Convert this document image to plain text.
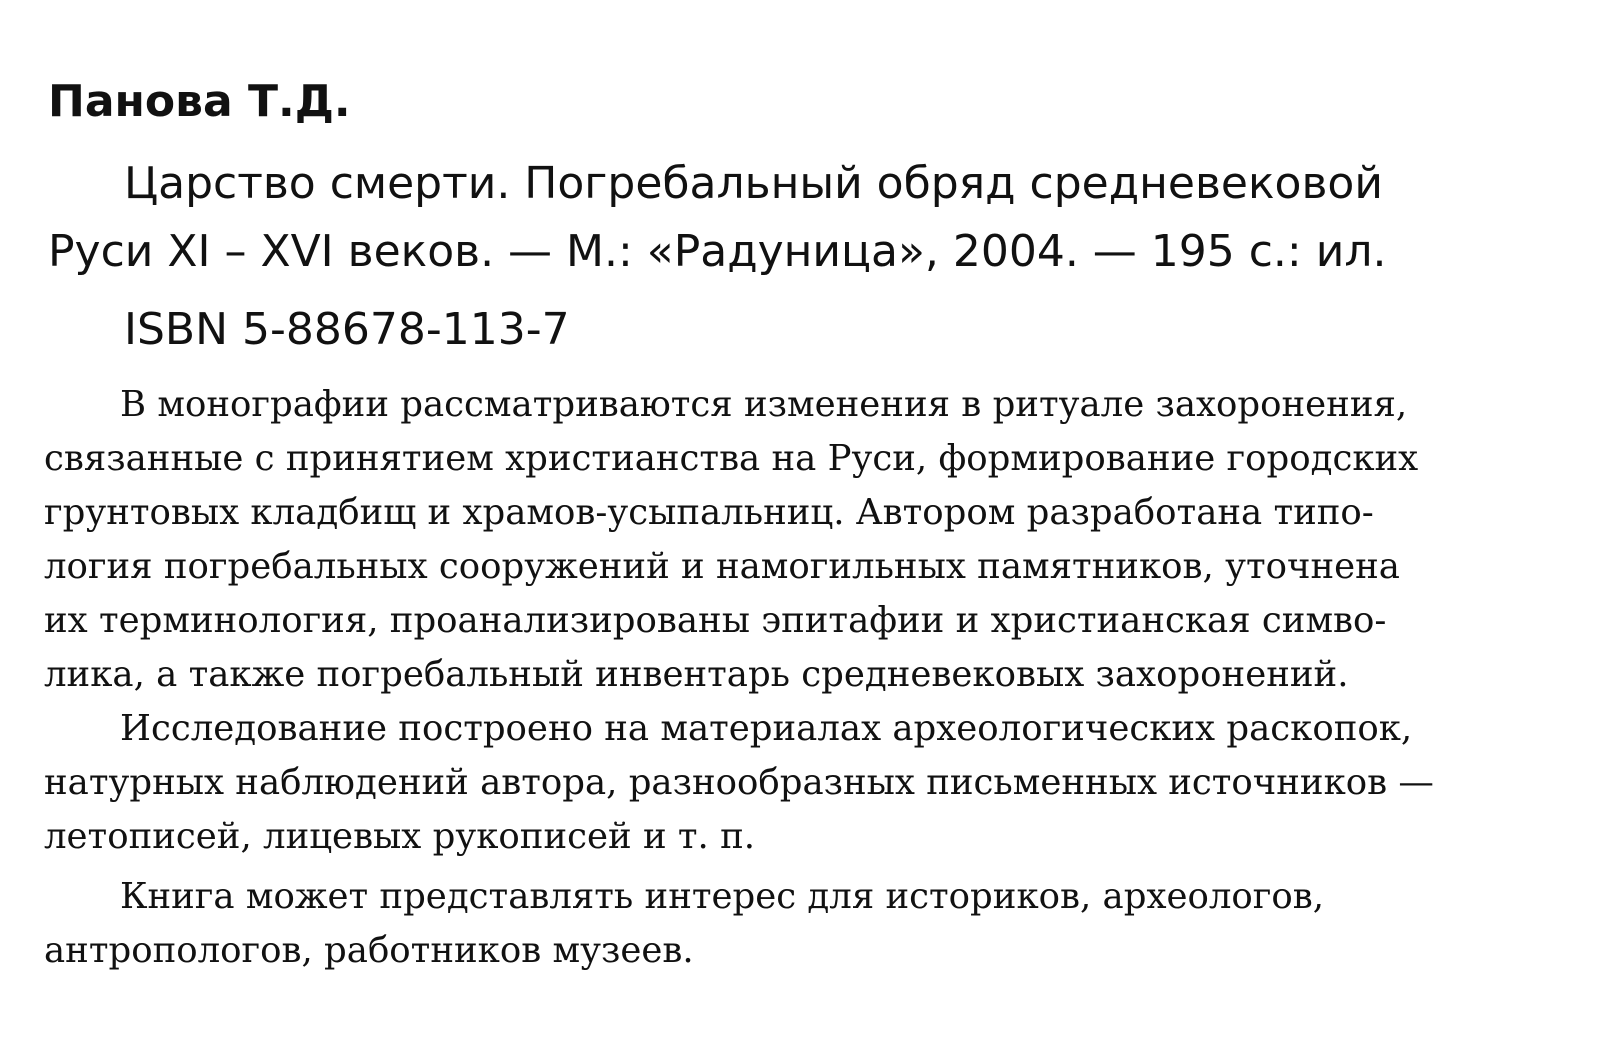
Панова Т.Д.

Царство смерти. Погребальный обряд средневековой
Руси XI – XVI веков. — М.: «Радуница», 2004. — 195 с.: ил.

ISBN 5-88678-113-7

В монографии рассматриваются изменения в ритуале захоронения,
связанные с принятием христианства на Руси, формирование городских
грунтовых кладбищ и храмов-усыпальниц. Автором разработана типо-
логия погребальных сооружений и намогильных памятников, уточнена
их терминология, проанализированы эпитафии и христианская симво-
лика, а также погребальный инвентарь средневековых захоронений.

Исследование построено на материалах археологических раскопок,
натурных наблюдений автора, разнообразных письменных источников —
летописей, лицевых рукописей и т. п.

Книга может представлять интерес для историков, археологов,
антропологов, работников музеев.
